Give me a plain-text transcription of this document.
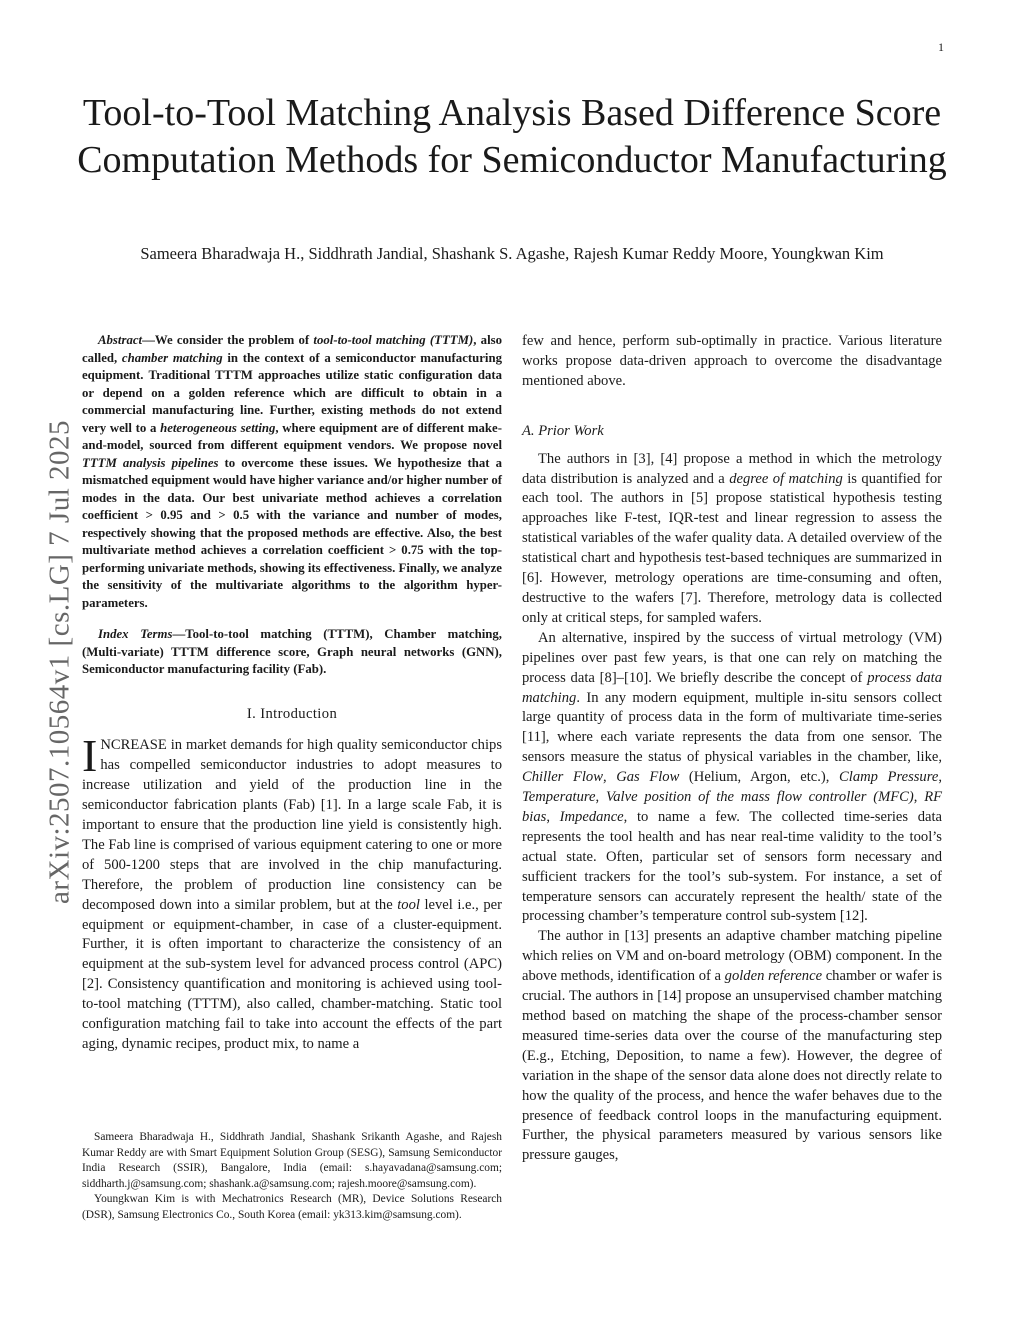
1
arXiv:2507.10564v1 [cs.LG] 7 Jul 2025
Tool-to-Tool Matching Analysis Based Difference Score Computation Methods for Semiconductor Manufacturing

Sameera Bharadwaja H., Siddhrath Jandial, Shashank S. Agashe, Rajesh Kumar Reddy Moore, Youngkwan Kim

Abstract—We consider the problem of tool-to-tool matching (TTTM), also called, chamber matching in the context of a semiconductor manufacturing equipment. Traditional TTTM approaches utilize static configuration data or depend on a golden reference which are difficult to obtain in a commercial manufacturing line. Further, existing methods do not extend very well to a heterogeneous setting, where equipment are of different make-and-model, sourced from different equipment vendors. We propose novel TTTM analysis pipelines to overcome these issues. We hypothesize that a mismatched equipment would have higher variance and/or higher number of modes in the data. Our best univariate method achieves a correlation coefficient > 0.95 and > 0.5 with the variance and number of modes, respectively showing that the proposed methods are effective. Also, the best multivariate method achieves a correlation coefficient > 0.75 with the top-performing univariate methods, showing its effectiveness. Finally, we analyze the sensitivity of the multivariate algorithms to the algorithm hyper-parameters.

Index Terms—Tool-to-tool matching (TTTM), Chamber matching, (Multi-variate) TTTM difference score, Graph neural networks (GNN), Semiconductor manufacturing facility (Fab).

I. Introduction

INCREASE in market demands for high quality semiconductor chips has compelled semiconductor industries to adopt measures to increase utilization and yield of the production line in the semiconductor fabrication plants (Fab) [1]. In a large scale Fab, it is important to ensure that the production line yield is consistently high. The Fab line is comprised of various equipment catering to one or more of 500-1200 steps that are involved in the chip manufacturing. Therefore, the problem of production line consistency can be decomposed down into a similar problem, but at the tool level i.e., per equipment or equipment-chamber, in case of a cluster-equipment. Further, it is often important to characterize the consistency of an equipment at the sub-system level for advanced process control (APC) [2]. Consistency quantification and monitoring is achieved using tool-to-tool matching (TTTM), also called, chamber-matching. Static tool configuration matching fail to take into account the effects of the part aging, dynamic recipes, product mix, to name a

Sameera Bharadwaja H., Siddhrath Jandial, Shashank Srikanth Agashe, and Rajesh Kumar Reddy are with Smart Equipment Solution Group (SESG), Samsung Semiconductor India Research (SSIR), Bangalore, India (email: s.hayavadana@samsung.com; siddharth.j@samsung.com; shashank.a@samsung.com; rajesh.moore@samsung.com).

Youngkwan Kim is with Mechatronics Research (MR), Device Solutions Research (DSR), Samsung Electronics Co., South Korea (email: yk313.kim@samsung.com).

few and hence, perform sub-optimally in practice. Various literature works propose data-driven approach to overcome the disadvantage mentioned above.

A. Prior Work

The authors in [3], [4] propose a method in which the metrology data distribution is analyzed and a degree of matching is quantified for each tool. The authors in [5] propose statistical hypothesis testing approaches like F-test, IQR-test and linear regression to assess the statistical variables of the wafer quality data. A detailed overview of the statistical chart and hypothesis test-based techniques are summarized in [6]. However, metrology operations are time-consuming and often, destructive to the wafers [7]. Therefore, metrology data is collected only at critical steps, for sampled wafers.

An alternative, inspired by the success of virtual metrology (VM) pipelines over past few years, is that one can rely on matching the process data [8]–[10]. We briefly describe the concept of process data matching. In any modern equipment, multiple in-situ sensors collect large quantity of process data in the form of multivariate time-series [11], where each variate represents the data from one sensor. The sensors measure the status of physical variables in the chamber, like, Chiller Flow, Gas Flow (Helium, Argon, etc.), Clamp Pressure, Temperature, Valve position of the mass flow controller (MFC), RF bias, Impedance, to name a few. The collected time-series data represents the tool health and has near real-time validity to the tool’s actual state. Often, particular set of sensors form necessary and sufficient trackers for the tool’s sub-system. For instance, a set of temperature sensors can accurately represent the health/ state of the processing chamber’s temperature control sub-system [12].

The author in [13] presents an adaptive chamber matching pipeline which relies on VM and on-board metrology (OBM) component. In the above methods, identification of a golden reference chamber or wafer is crucial. The authors in [14] propose an unsupervised chamber matching method based on matching the shape of the process-chamber sensor measured time-series data over the course of the manufacturing step (E.g., Etching, Deposition, to name a few). However, the degree of variation in the shape of the sensor data alone does not directly relate to how the quality of the process, and hence the wafer behaves due to the presence of feedback control loops in the manufacturing equipment. Further, the physical parameters measured by various sensors like pressure gauges,
